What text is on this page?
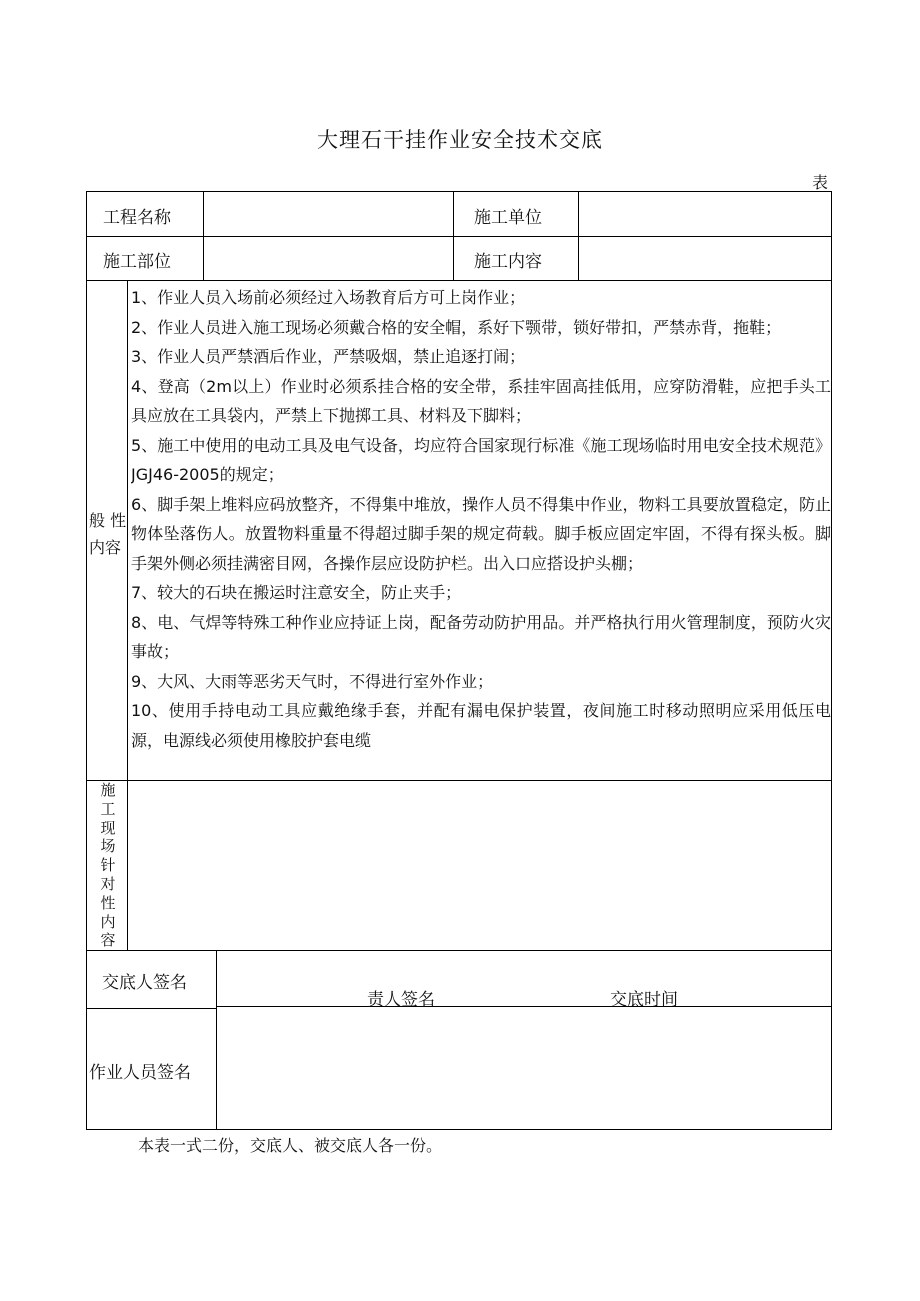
大理石干挂作业安全技术交底
表
工程名称	施工单位
施工部位	施工内容
般 性
内容
1、作业人员入场前必须经过入场教育后方可上岗作业；
2、作业人员进入施工现场必须戴合格的安全帽，系好下颚带，锁好带扣，严禁赤背，拖鞋；
3、作业人员严禁酒后作业，严禁吸烟，禁止追逐打闹；
4、登高（2m以上）作业时必须系挂合格的安全带，系挂牢固高挂低用，应穿防滑鞋，应把手头工具应放在工具袋内，严禁上下抛掷工具、材料及下脚料；
5、施工中使用的电动工具及电气设备，均应符合国家现行标准《施工现场临时用电安全技术规范》JGJ46-2005的规定；
6、脚手架上堆料应码放整齐，不得集中堆放，操作人员不得集中作业，物料工具要放置稳定，防止物体坠落伤人。放置物料重量不得超过脚手架的规定荷载。脚手板应固定牢固，不得有探头板。脚手架外侧必须挂满密目网，各操作层应设防护栏。出入口应搭设护头棚；
7、较大的石块在搬运时注意安全，防止夹手；
8、电、气焊等特殊工种作业应持证上岗，配备劳动防护用品。并严格执行用火管理制度，预防火灾事故；
9、大风、大雨等恶劣天气时，不得进行室外作业；
10、使用手持电动工具应戴绝缘手套，并配有漏电保护装置，夜间施工时移动照明应采用低压电源，电源线必须使用橡胶护套电缆
施
工
现
场
针
对
性
内
容
交底人签名
责人签名	交底时间
作业人员签名
本表一式二份，交底人、被交底人各一份。
